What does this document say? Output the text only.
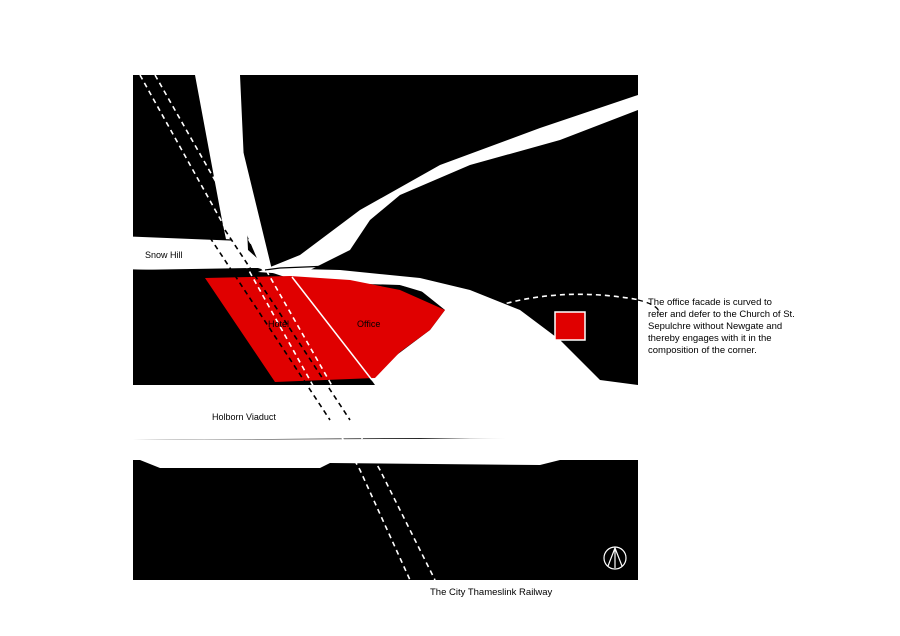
Snow Hill
Holborn Viaduct
Hotel	Office

The office facade is curved to

refer and defer to the Church of St.

Sepulchre without Newgate and

thereby engages with it in the

composition of the corner.

The City Thameslink Railway
